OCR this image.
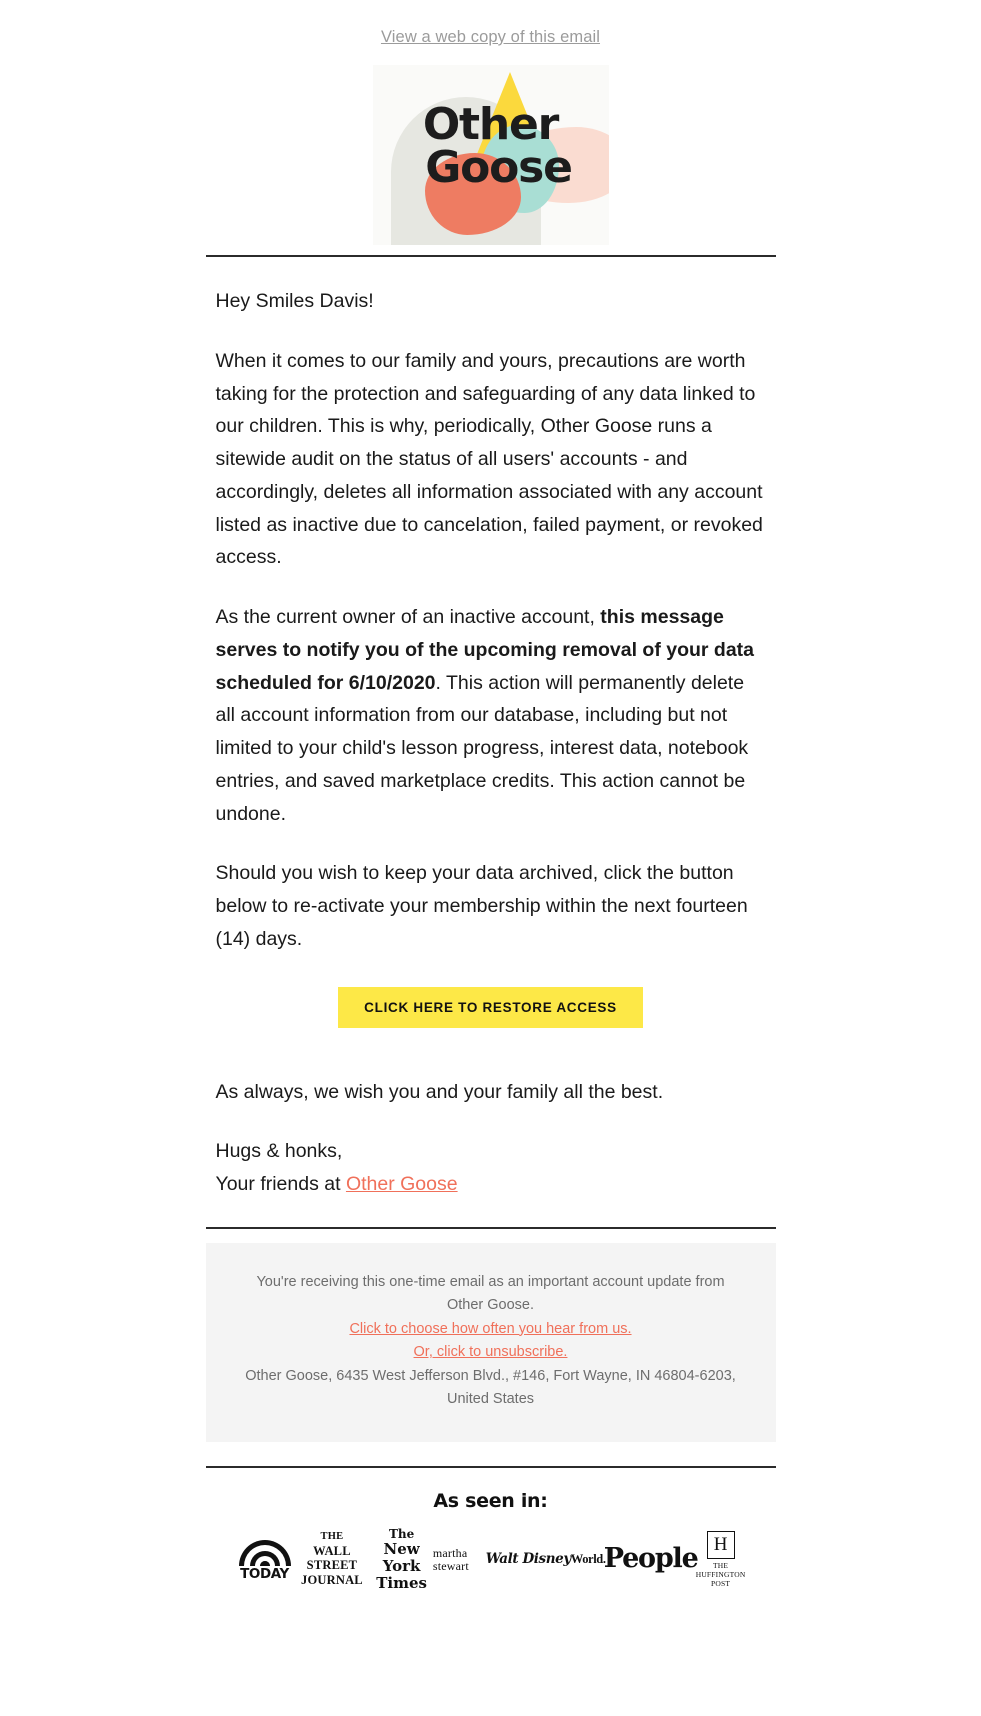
View a web copy of this email
Other
Goose

Hey Smiles Davis!

When it comes to our family and yours, precautions are worth taking for the protection and safeguarding of any data linked to our children. This is why, periodically, Other Goose runs a sitewide audit on the status of all users' accounts - and accordingly, deletes all information associated with any account listed as inactive due to cancelation, failed payment, or revoked access.

As the current owner of an inactive account, this message serves to notify you of the upcoming removal of your data scheduled for 6/10/2020. This action will permanently delete all account information from our database, including but not limited to your child's lesson progress, interest data, notebook entries, and saved marketplace credits. This action cannot be undone.

Should you wish to keep your data archived, click the button below to re-activate your membership within the next fourteen (14) days.

CLICK HERE TO RESTORE ACCESS

As always, we wish you and your family all the best.

Hugs & honks,
Your friends at Other Goose

You're receiving this one-time email as an important account update from Other Goose.
Click to choose how often you hear from us.
Or, click to unsubscribe.
Other Goose, 6435 West Jefferson Blvd., #146, Fort Wayne, IN 46804-6203, United States
As seen in:
TODAY
THE
WALL STREET
JOURNAL
The
New York
Times
martha
stewart	Walt DisneyWorld.
People H
THE
HUFFINGTON
POST
